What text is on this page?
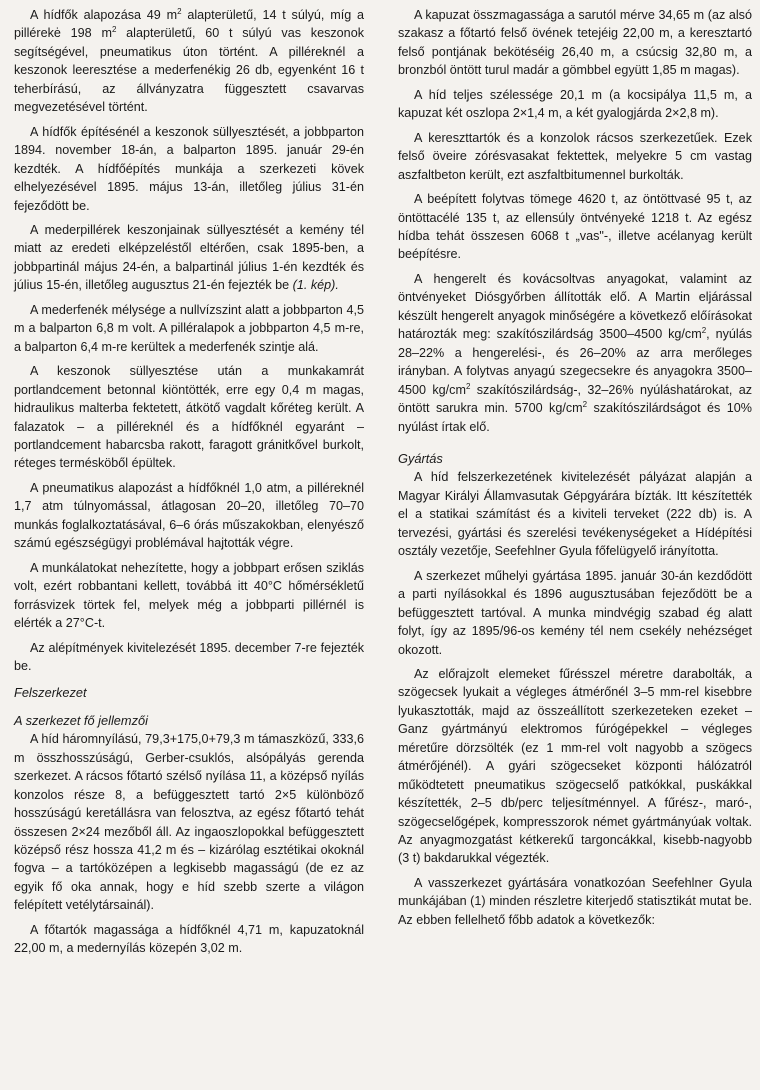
A hídfők alapozása 49 $m^2$ alapterületű, 14 t súlyú, míg a pillérekė 198 $m^2$ alapterületű, 60 t súlyú vas keszonok segítségével, pneumatikus úton történt. A pilléreknél a keszonok leeresztése a mederfenékig 26 db, egyenként 16 t teherbírású, az állványzatra függesztett csavarvas megvezetésével történt.

A hídfők építésénél a keszonok süllyesztését, a jobbparton 1894. november 18-án, a balparton 1895. január 29-én kezdték. A hídfőépítés munkája a szerkezeti kövek elhelyezésével 1895. május 13-án, illetőleg július 31-én fejeződött be.

A mederpillérek keszonjainak süllyesztését a kemény tél miatt az eredeti elképzeléstől eltérően, csak 1895-ben, a jobbpartinál május 24-én, a balpartinál július 1-én kezdték és július 15-én, illetőleg augusztus 21-én fejezték be (1. kép).

A mederfenék mélysége a nullvízszint alatt a jobbparton 4,5 m a balparton 6,8 m volt. A pilléralapok a jobbparton 4,5 m-re, a balparton 6,4 m-re kerültek a mederfenék szintje alá.

A keszonok süllyesztése után a munkakamrát portlandcement betonnal kiöntötték, erre egy 0,4 m magas, hidraulikus malterba fektetett, átkötő vagdalt kőréteg került. A falazatok – a pilléreknél és a hídfőknél egyaránt – portlandcement habarcsba rakott, faragott gránitkővel burkolt, réteges termésköből épültek.

A pneumatikus alapozást a hídfőknél 1,0 atm, a pilléreknél 1,7 atm túlnyomással, átlagosan 20–20, illetőleg 70–70 munkás foglalkoztatásával, 6–6 órás műszakokban, elenyésző számú egészségügyi problémával hajtották végre.

A munkálatokat nehezítette, hogy a jobbpart erősen sziklás volt, ezért robbantani kellett, továbbá itt 40°C hőmérsékletű forrásvizek törtek fel, melyek még a jobbparti pillérnél is elérték a 27°C-t.

Az alépítmények kivitelezését 1895. december 7-re fejezték be.

Felszerkezet
A szerkezet fő jellemzői

A híd háromnyílású, 79,3+175,0+79,3 m támaszközű, 333,6 m összhosszúságú, Gerber-csuklós, alsópályás gerenda szerkezet. A rácsos főtartó szélső nyílása 11, a középső nyílás konzolos része 8, a befüggesztett tartó 2×5 különböző hosszúságú keretállásra van felosztva, az egész főtartó tehát összesen 2×24 mezőből áll. Az ingaoszlopokkal befüggesztett középső rész hossza 41,2 m és – kizárólag esztétikai okoknál fogva – a tartóközépen a legkisebb magasságú (de ez az egyik fő oka annak, hogy e híd szebb szerte a világon felépített vetélytársainál).

A főtartók magassága a hídfőknél 4,71 m, kapuzatoknál 22,00 m, a medernyílás közepén 3,02 m.

A kapuzat összmagassága a sarutól mérve 34,65 m (az alsó szakasz a főtartó felső övének tetejéig 22,00 m, a keresztartó felső pontjának bekötéséig 26,40 m, a csúcsig 32,80 m, a bronzból öntött turul madár a gömbbel együtt 1,85 m magas).

A híd teljes szélessége 20,1 m (a kocsipálya 11,5 m, a kapuzat két oszlopa 2×1,4 m, a két gyalogjárda 2×2,8 m).

A kereszttartók és a konzolok rácsos szerkezetűek. Ezek felső öveire zórésvasakat fektettek, melyekre 5 cm vastag aszfaltbeton került, ezt aszfaltbitumennel burkolták.

A beépített folytvas tömege 4620 t, az öntöttvasé 95 t, az öntöttacélé 135 t, az ellensúly öntvényeké 1218 t. Az egész hídba tehát összesen 6068 t „vas"-, illetve acélanyag került beépítésre.

A hengerelt és kovácsoltvas anyagokat, valamint az öntvényeket Diósgyőrben állították elő. A Martin eljárással készült hengerelt anyagok minőségére a következő előírásokat határozták meg: szakítószilárdság 3500–4500 $kg/cm^2$, nyúlás 28–22% a hengerelési-, és 26–20% az arra merőleges irányban. A folytvas anyagú szegecsekre és anyagokra 3500–4500 $kg/cm^2$ szakítószilárdság-, 32–26% nyúláshatárokat, az öntött sarukra min. 5700 $kg/cm^2$ szakítószilárdságot és 10% nyúlást írtak elő.

Gyártás

A híd felszerkezetének kivitelezését pályázat alapján a Magyar Királyi Államvasutak Gépgyárára bízták. Itt készítették el a statikai számítást és a kiviteli terveket (222 db) is. A tervezési, gyártási és szerelési tevékenységeket a Hídépítési osztály vezetője, Seefehlner Gyula főfelügyelő irányította.

A szerkezet műhelyi gyártása 1895. január 30-án kezdődött a parti nyílásokkal és 1896 augusztusában fejeződött be a befüggesztett tartóval. A munka mindvégig szabad ég alatt folyt, így az 1895/96-os kemény tél nem csekély nehézséget okozott.

Az előrajzolt elemeket fűrésszel méretre darabolták, a szögecsek lyukait a végleges átmérőnél 3–5 mm-rel kisebbre lyukasztották, majd az összeállított szerkezeteken ezeket – Ganz gyártmányú elektromos fúrógépekkel – végleges méretűre dörzsölték (ez 1 mm-rel volt nagyobb a szögecs átmérőjénél). A gyári szögecseket központi hálózatról működtetett pneumatikus szögecselő patkókkal, puskákkal készítették, 2–5 db/perc teljesítménnyel. A fűrész-, maró-, szögecselőgépek, kompresszorok német gyártmányúak voltak. Az anyagmozgatást kétkerekű targoncákkal, kisebb-nagyobb (3 t) bakdarukkal végezték.

A vasszerkezet gyártására vonatkozóan Seefehlner Gyula munkájában (1) minden részletre kiterjedő statisztikát mutat be. Az ebben fellelhető főbb adatok a következők:
